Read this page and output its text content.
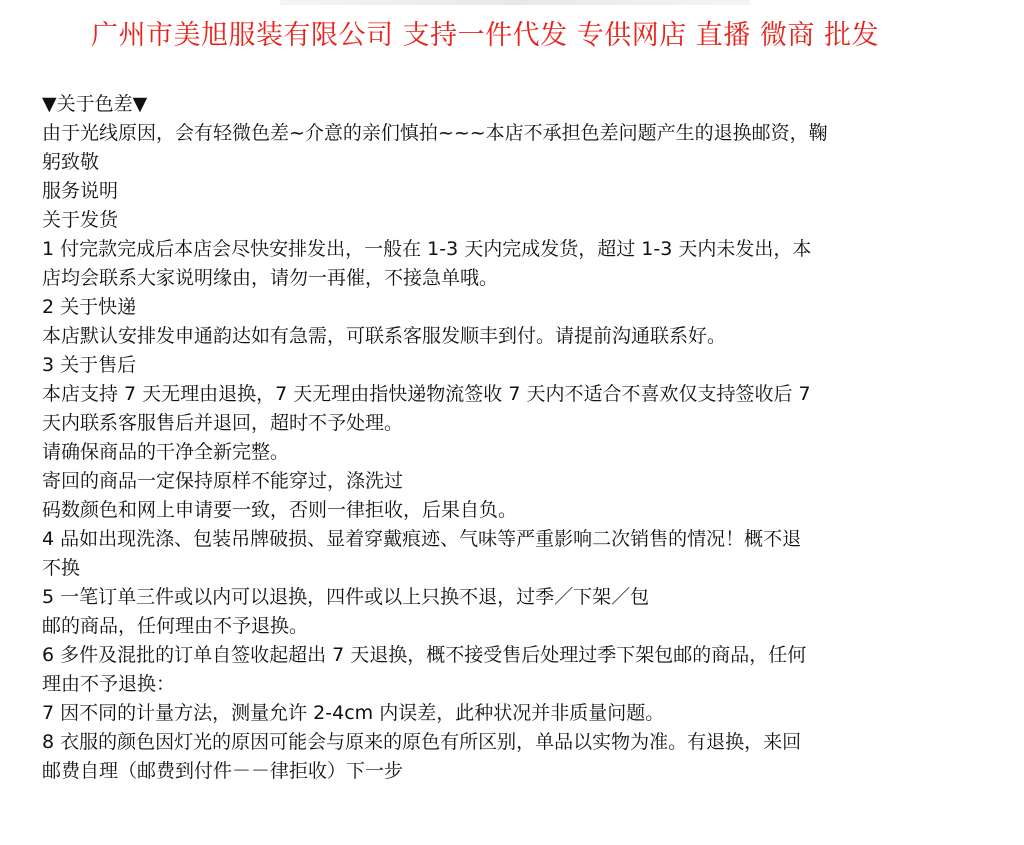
广州市美旭服装有限公司 支持一件代发 专供网店 直播 微商 批发
▼关于色差▼
由于光线原因，会有轻微色差~介意的亲们慎拍~~~本店不承担色差问题产生的退换邮资，鞠
躬致敬
服务说明
关于发货
1 付完款完成后本店会尽快安排发出，一般在 1-3 天内完成发货，超过 1-3 天内未发出，本
店均会联系大家说明缘由，请勿一再催，不接急单哦。
2 关于快递
本店默认安排发申通韵达如有急需，可联系客服发顺丰到付。请提前沟通联系好。
3 关于售后
本店支持 7 天无理由退换，7 天无理由指快递物流签收 7 天内不适合不喜欢仅支持签收后 7
天内联系客服售后并退回，超时不予处理。
请确保商品的干净全新完整。
寄回的商品一定保持原样不能穿过，涤洗过
码数颜色和网上申请要一致，否则一律拒收，后果自负。
4 品如出现洗涤、包装吊牌破损、显着穿戴痕迹、气味等严重影响二次销售的情况！概不退
不换
5 一笔订单三件或以内可以退换，四件或以上只换不退，过季／下架／包
邮的商品，任何理由不予退换。
6 多件及混批的订单自签收起超出 7 天退换，概不接受售后处理过季下架包邮的商品，任何
理由不予退换：
7 因不同的计量方法，测量允许 2-4cm 内误差，此种状况并非质量问题。
8 衣服的颜色因灯光的原因可能会与原来的原色有所区别，单品以实物为准。有退换，来回
邮费自理（邮费到付件－－律拒收）下一步
